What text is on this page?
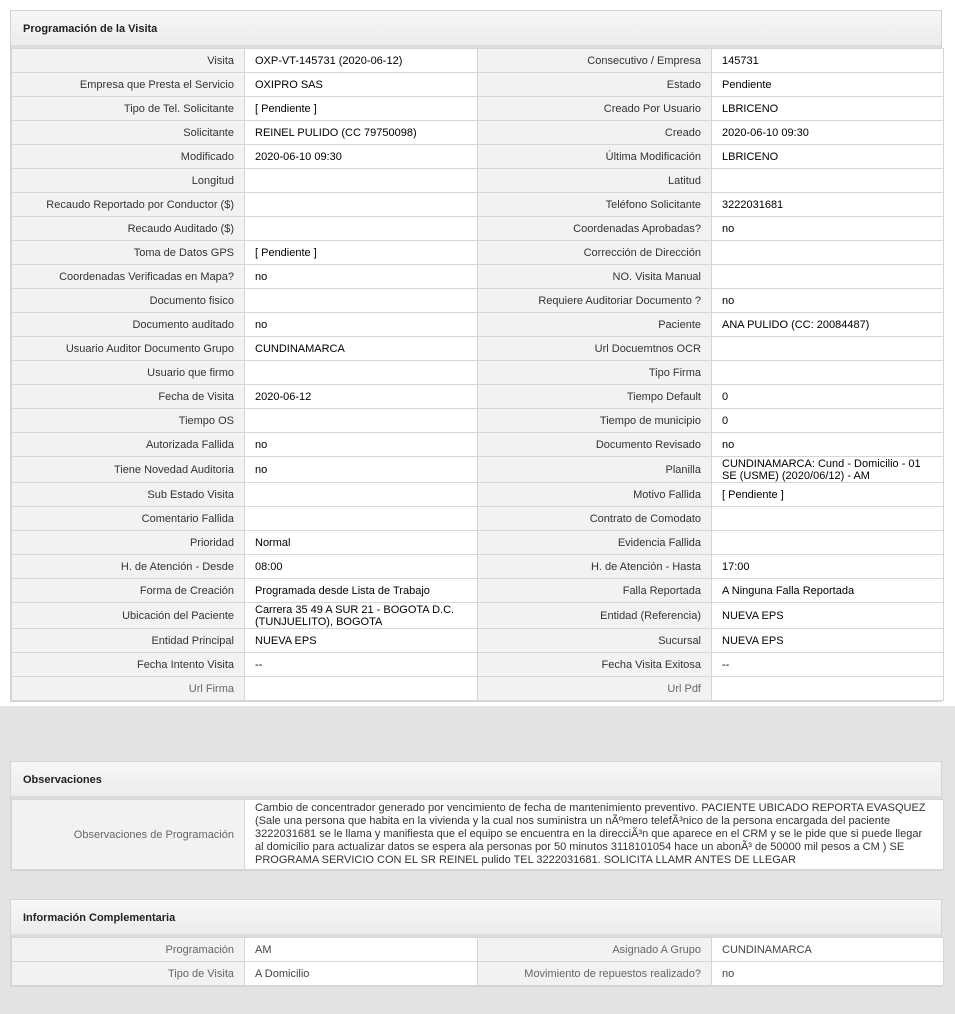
Programación de la Visita
Visita	OXP-VT-145731 (2020-06-12)	Consecutivo / Empresa	145731
Empresa que Presta el Servicio	OXIPRO SAS	Estado	Pendiente
Tipo de Tel. Solicitante	[ Pendiente ]	Creado Por Usuario	LBRICENO
Solicitante	REINEL PULIDO (CC 79750098)	Creado	2020-06-10 09:30
Modificado	2020-06-10 09:30	Última Modificación	LBRICENO
Longitud		Latitud	
Recaudo Reportado por Conductor ($)		Teléfono Solicitante	3222031681
Recaudo Auditado ($)		Coordenadas Aprobadas?	no
Toma de Datos GPS	[ Pendiente ]	Corrección de Dirección	
Coordenadas Verificadas en Mapa?	no	NO. Visita Manual	
Documento fisico		Requiere Auditoriar Documento ?	no
Documento auditado	no	Paciente	ANA PULIDO (CC: 20084487)
Usuario Auditor Documento Grupo	CUNDINAMARCA	Url Docuemtnos OCR	
Usuario que firmo		Tipo Firma	
Fecha de Visita	2020-06-12	Tiempo Default	0
Tiempo OS		Tiempo de municipio	0
Autorizada Fallida	no	Documento Revisado	no
Tiene Novedad Auditoria	no	Planilla	CUNDINAMARCA: Cund - Domicilio - 01 SE (USME) (2020/06/12) - AM
Sub Estado Visita		Motivo Fallida	[ Pendiente ]
Comentario Fallida		Contrato de Comodato	
Prioridad	Normal	Evidencia Fallida	
H. de Atención - Desde	08:00	H. de Atención - Hasta	17:00
Forma de Creación	Programada desde Lista de Trabajo	Falla Reportada	A Ninguna Falla Reportada
Ubicación del Paciente	Carrera 35 49 A SUR 21 - BOGOTA D.C. (TUNJUELITO), BOGOTA	Entidad (Referencia)	NUEVA EPS
Entidad Principal	NUEVA EPS	Sucursal	NUEVA EPS
Fecha Intento Visita	--	Fecha Visita Exitosa	--
Url Firma		Url Pdf	
Observaciones
Observaciones de Programación	Cambio de concentrador generado por vencimiento de fecha de mantenimiento preventivo. PACIENTE UBICADO REPORTA EVASQUEZ (Sale una persona que habita en la vivienda y la cual nos suministra un nÃºmero telefÃ³nico de la persona encargada del paciente 3222031681 se le llama y manifiesta que el equipo se encuentra en la direcciÃ³n que aparece en el CRM y se le pide que si puede llegar al domicilio para actualizar datos se espera ala personas por 50 minutos 3118101054 hace un abonÃ³ de 50000 mil pesos a CM ) SE PROGRAMA SERVICIO CON EL SR REINEL pulido TEL 3222031681. SOLICITA LLAMR ANTES DE LLEGAR
Información Complementaria
Programación	AM	Asignado A Grupo	CUNDINAMARCA
Tipo de Visita	A Domicilio	Movimiento de repuestos realizado?	no
